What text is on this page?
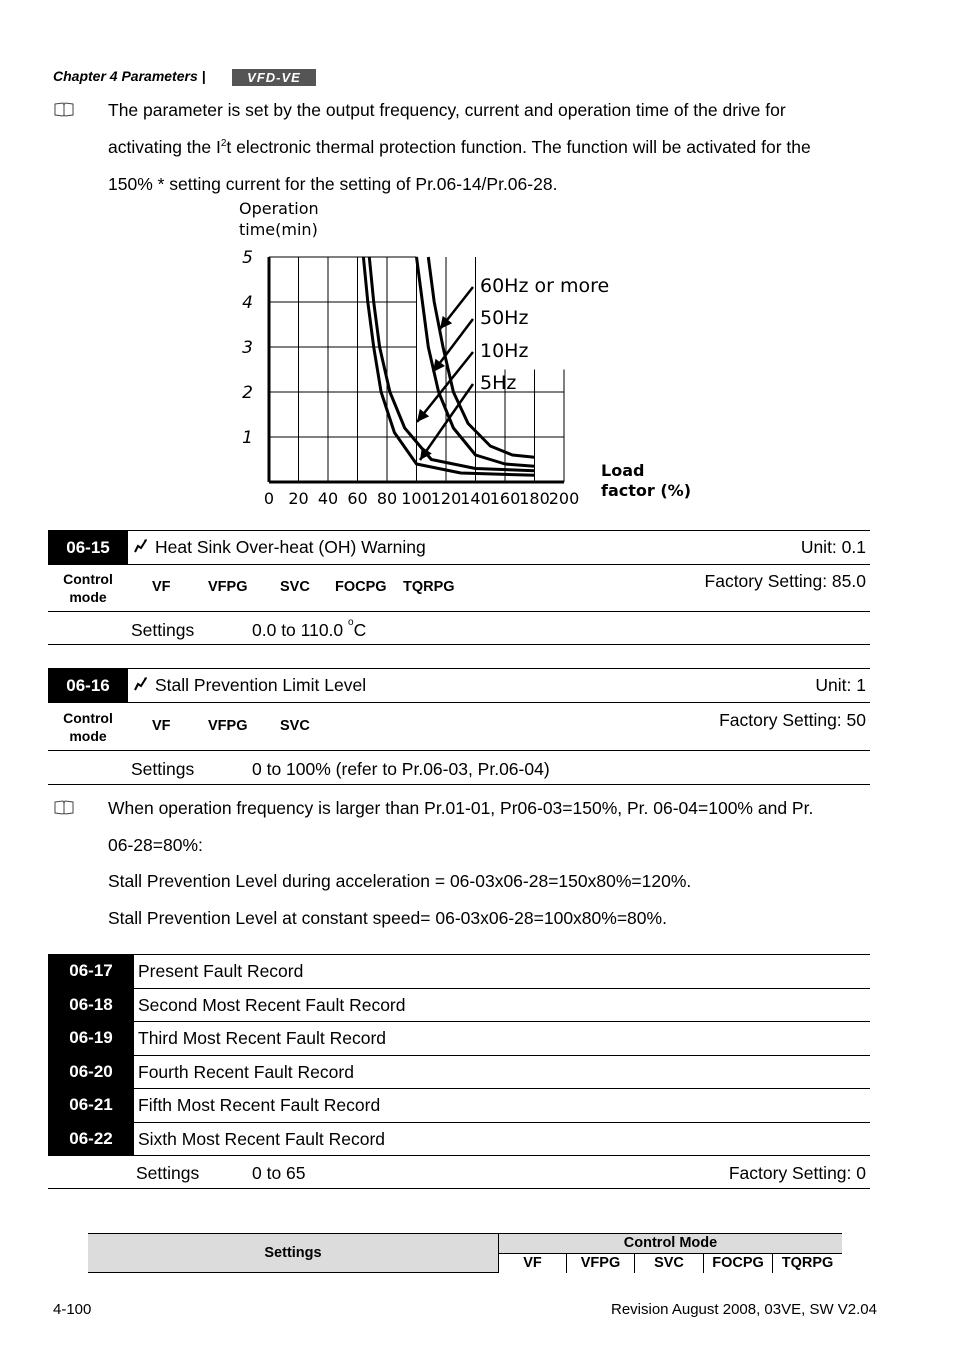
Chapter 4 Parameters |	VFD-VE
The parameter is set by the output frequency, current and operation time of the drive for
activating the $I^2t$ electronic thermal protection function. The function will be activated for the
150% * setting current for the setting of Pr.06-14/Pr.06-28.
1
2
3
4
5
0 20 40 60 80 100
120
140
160
180
200
Operation
time(min)
Load
factor (%)
60Hz or more
50Hz
10Hz
5Hz
06-15	Heat Sink Over-heat (OH) Warning	Unit: 0.1
Control mode
VF	VFPG SVC FOCPG TQRPG	Factory Setting: 85.0
Settings	0.0 to 110.0 $^o$C
06-16	Stall Prevention Limit Level	Unit: 1
Control mode
VF	VFPG SVC	Factory Setting: 50
Settings	0 to 100% (refer to Pr.06-03, Pr.06-04)
When operation frequency is larger than Pr.01-01, Pr06-03=150%, Pr. 06-04=100% and Pr.
06-28=80%:
Stall Prevention Level during acceleration = 06-03x06-28=150x80%=120%.
Stall Prevention Level at constant speed= 06-03x06-28=100x80%=80%.
06-17	Present Fault Record
06-18	Second Most Recent Fault Record
06-19	Third Most Recent Fault Record
06-20	Fourth Recent Fault Record
06-21	Fifth Most Recent Fault Record
06-22	Sixth Most Recent Fault Record
Settings	0 to 65	Factory Setting: 0
Settings
Control Mode
VF	VFPG	SVC	FOCPG	TQRPG
4-100	Revision August 2008, 03VE, SW V2.04
